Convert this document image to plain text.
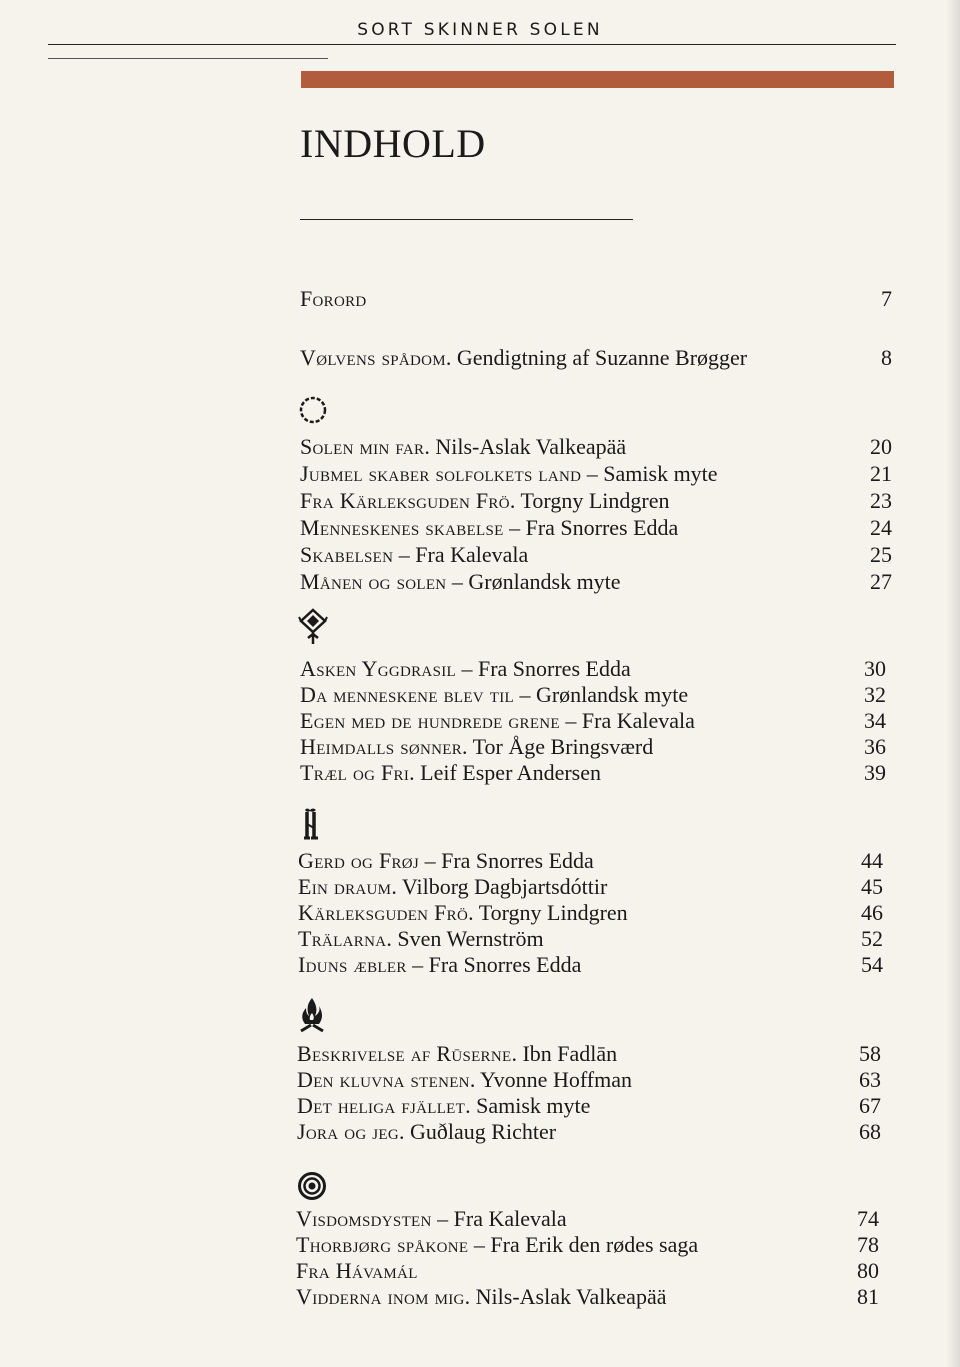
SORT SKINNER SOLEN
INDHOLD
Forord	7
Vølvens spådom. Gendigtning af Suzanne Brøgger	8
Solen min far. Nils-Aslak Valkeapää	20
Jubmel skaber solfolkets land – Samisk myte	21
Fra Kärleksguden Frö. Torgny Lindgren	23
Menneskenes skabelse – Fra Snorres Edda	24
Skabelsen – Fra Kalevala	25
Månen og solen – Grønlandsk myte	27
Asken Yggdrasil – Fra Snorres Edda	30
Da menneskene blev til – Grønlandsk myte	32
Egen med de hundrede grene – Fra Kalevala	34
Heimdalls sønner. Tor Åge Bringsværd	36
Træl og Fri. Leif Esper Andersen	39
Gerd og Frøj – Fra Snorres Edda	44
Ein draum. Vilborg Dagbjartsdóttir	45
Kärleksguden Frö. Torgny Lindgren	46
Trälarna. Sven Wernström	52
Iduns æbler – Fra Snorres Edda	54
Beskrivelse af Rūserne. Ibn Fadlān	58
Den kluvna stenen. Yvonne Hoffman	63
Det heliga fjället. Samisk myte	67
Jora og jeg. Guðlaug Richter	68
Visdomsdysten – Fra Kalevala	74
Thorbjørg spåkone – Fra Erik den rødes saga	78
Fra Hávamál	80
Vidderna inom mig. Nils-Aslak Valkeapää	81
